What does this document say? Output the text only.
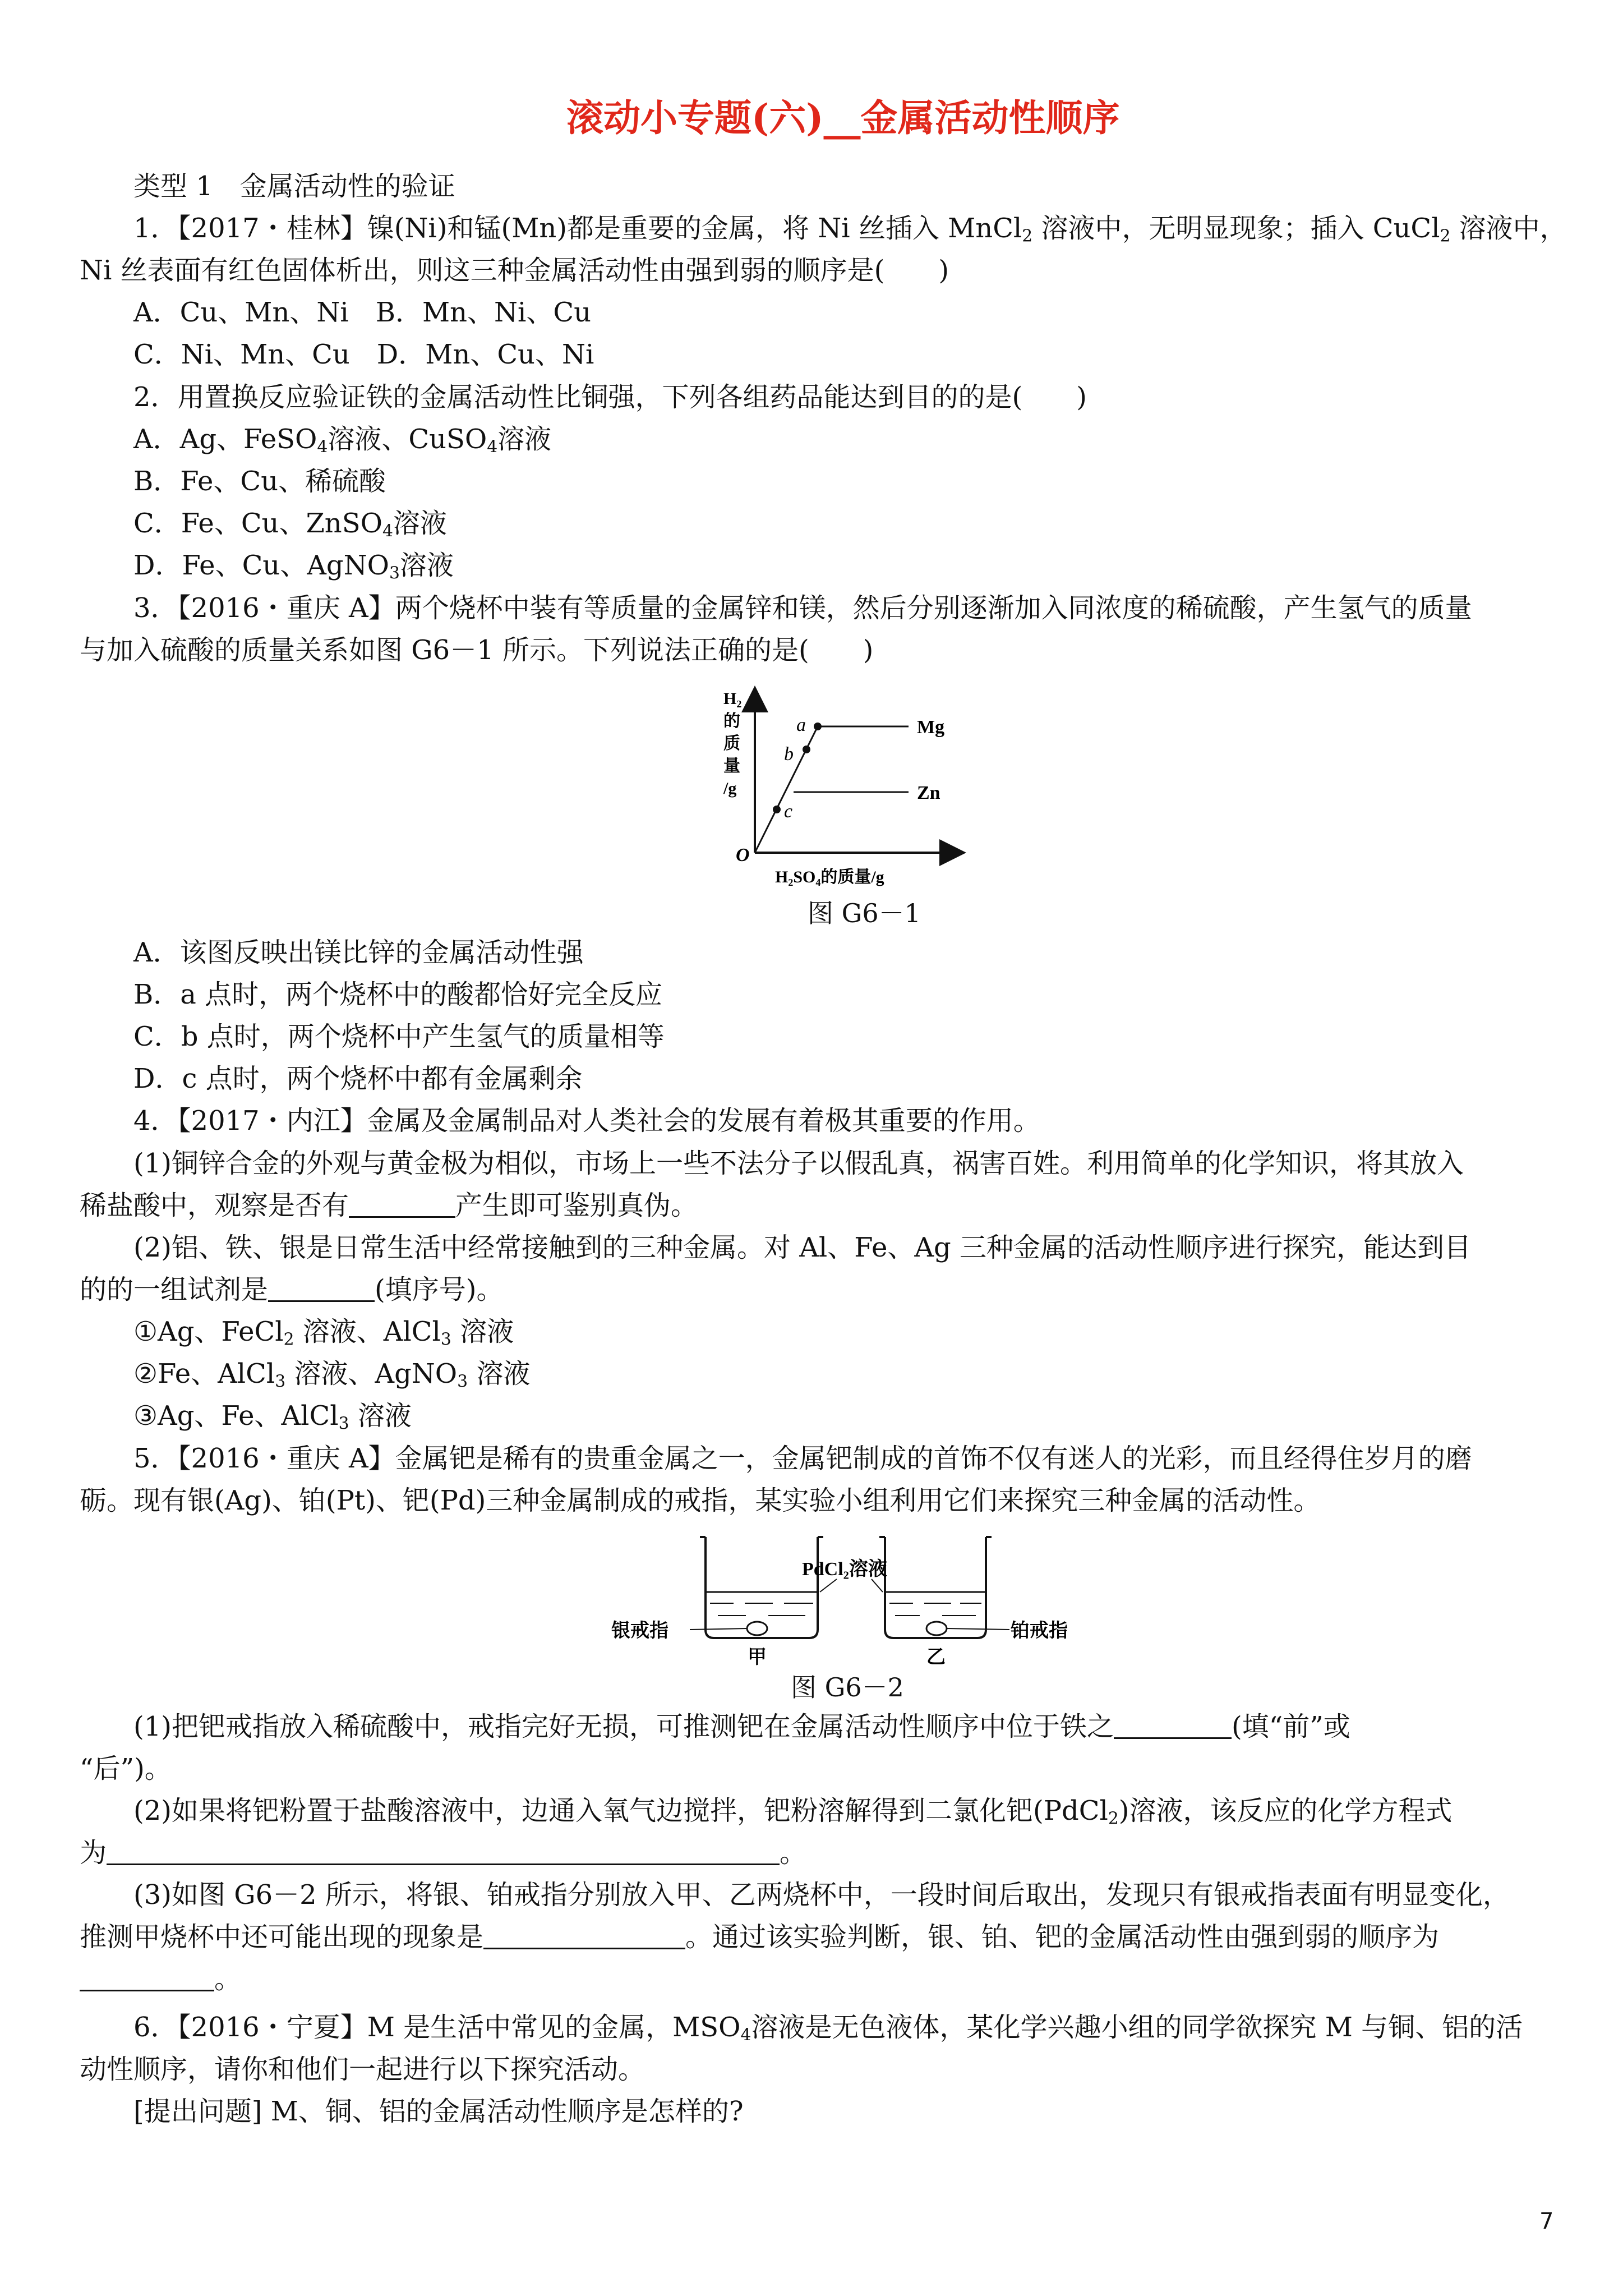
滚动小专题(六)__金属活动性顺序
类型 1　金属活动性的验证
1．【2017・桂林】镍(Ni)和锰(Mn)都是重要的金属，将 Ni 丝插入 MnCl$_2$ 溶液中，无明显现象；插入 CuCl$_2$ 溶液中，
Ni 丝表面有红色固体析出，则这三种金属活动性由强到弱的顺序是(　　)
A．Cu、Mn、Ni　B．Mn、Ni、Cu
C．Ni、Mn、Cu　D．Mn、Cu、Ni
2．用置换反应验证铁的金属活动性比铜强，下列各组药品能达到目的的是(　　)
A．Ag、FeSO$_4$溶液、CuSO$_4$溶液
B．Fe、Cu、稀硫酸
C．Fe、Cu、ZnSO$_4$溶液
D．Fe、Cu、AgNO$_3$溶液
3．【2016・重庆 A】两个烧杯中装有等质量的金属锌和镁，然后分别逐渐加入同浓度的稀硫酸，产生氢气的质量
与加入硫酸的质量关系如图 G6－1 所示。下列说法正确的是(　　)
a
b
c
Mg
Zn
O
H₂SO₄的质量/g
H₂
的
质
量
/g
图 G6－1
A．该图反映出镁比锌的金属活动性强
B．a 点时，两个烧杯中的酸都恰好完全反应
C．b 点时，两个烧杯中产生氢气的质量相等
D．c 点时，两个烧杯中都有金属剩余
4．【2017・内江】金属及金属制品对人类社会的发展有着极其重要的作用。
(1)铜锌合金的外观与黄金极为相似，市场上一些不法分子以假乱真，祸害百姓。利用简单的化学知识，将其放入
稀盐酸中，观察是否有	产生即可鉴别真伪。
(2)铝、铁、银是日常生活中经常接触到的三种金属。对 Al、Fe、Ag 三种金属的活动性顺序进行探究，能达到目
的的一组试剂是	(填序号)。
①Ag、FeCl$_2$ 溶液、AlCl$_3$ 溶液
②Fe、AlCl$_3$ 溶液、AgNO$_3$ 溶液
③Ag、Fe、AlCl$_3$ 溶液
5．【2016・重庆 A】金属钯是稀有的贵重金属之一，金属钯制成的首饰不仅有迷人的光彩，而且经得住岁月的磨
砺。现有银(Ag)、铂(Pt)、钯(Pd)三种金属制成的戒指，某实验小组利用它们来探究三种金属的活动性。
PdCl₂溶液
银戒指	铂戒指
甲	乙
图 G6－2
(1)把钯戒指放入稀硫酸中，戒指完好无损，可推测钯在金属活动性顺序中位于铁之	(填“前”或
“后”)。
(2)如果将钯粉置于盐酸溶液中，边通入氧气边搅拌，钯粉溶解得到二氯化钯(PdCl$_2$)溶液，该反应的化学方程式
为	。
(3)如图 G6－2 所示，将银、铂戒指分别放入甲、乙两烧杯中，一段时间后取出，发现只有银戒指表面有明显变化，
推测甲烧杯中还可能出现的现象是	。通过该实验判断，银、铂、钯的金属活动性由强到弱的顺序为
。
6．【2016・宁夏】M 是生活中常见的金属，$MSO_4$溶液是无色液体，某化学兴趣小组的同学欲探究 M 与铜、铝的活
动性顺序，请你和他们一起进行以下探究活动。
[提出问题] M、铜、铝的金属活动性顺序是怎样的?
7
